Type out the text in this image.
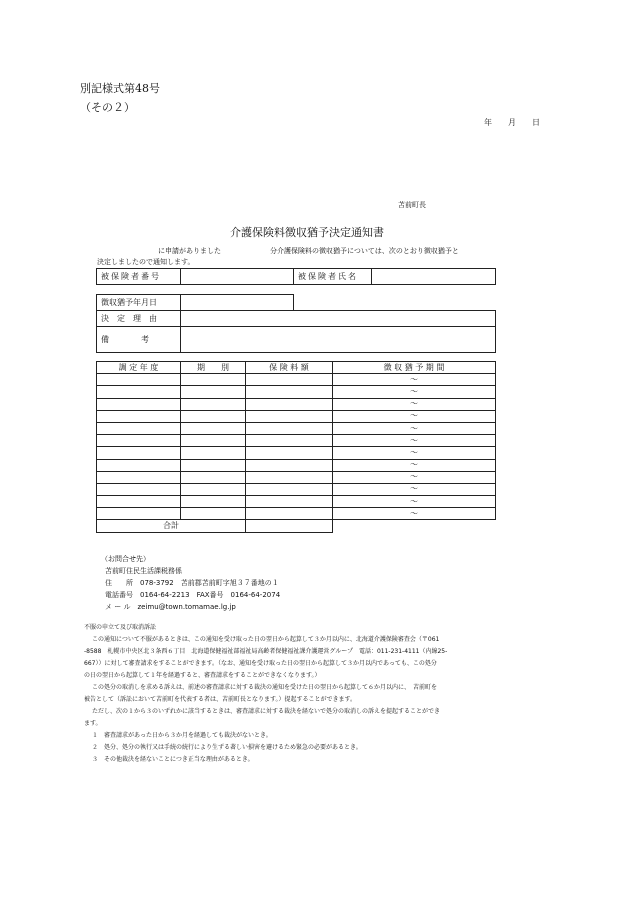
別記様式第48号
（その２）
年　　月　　日
苫前町長
介護保険料徴収猶予決定通知書
に申請がありました　　　　　　　分介護保険料の徴収猶予については、次のとおり徴収猶予と
決定しましたので通知します。
被保険者番号		被保険者氏名	
徴収猶予年月日		
決　定　理　由		
備　　　　考		
調 定 年 度	期　　別	保 険 料 額	徴 収 猶 予 期 間
			～
			～
			～
			～
			～
			～
			～
			～
			～
			～
			～
			～
合計			
（お問合せ先）
苫前町住民生活課税務係
住　　所　078-3792　苫前郡苫前町字旭３７番地の１
電話番号　0164-64-2213　FAX番号　0164-64-2074
メ ー ル　zeimu@town.tomamae.lg.jp

不服の申立て及び取消訴訟

この通知について不服があるときは、この通知を受け取った日の翌日から起算して３か月以内に、北海道介護保険審査会（〒061

-8588　札幌市中央区北３条西６丁目　北海道保健福祉部福祉局高齢者保健福祉課介護運営グループ　電話：011-231-4111（内線25-

667））に対して審査請求をすることができます。（なお、通知を受け取った日の翌日から起算して３か月以内であっても、この処分

の日の翌日から起算して１年を経過すると、審査請求をすることができなくなります。）

この処分の取消しを求める訴えは、前述の審査請求に対する裁決の通知を受けた日の翌日から起算して６か月以内に、　苫前町を

被告として（訴訟において苫前町を代表する者は、苫前町長となります。）提起することができます。

ただし、次の１から３のいずれかに該当するときは、審査請求に対する裁決を経ないで処分の取消しの訴えを提起することができ

ます。

１　審査請求があった日から３か月を経過しても裁決がないとき。

２　処分、処分の執行又は手続の続行により生ずる著しい損害を避けるため緊急の必要があるとき。

３　その他裁決を経ないことにつき正当な理由があるとき。
